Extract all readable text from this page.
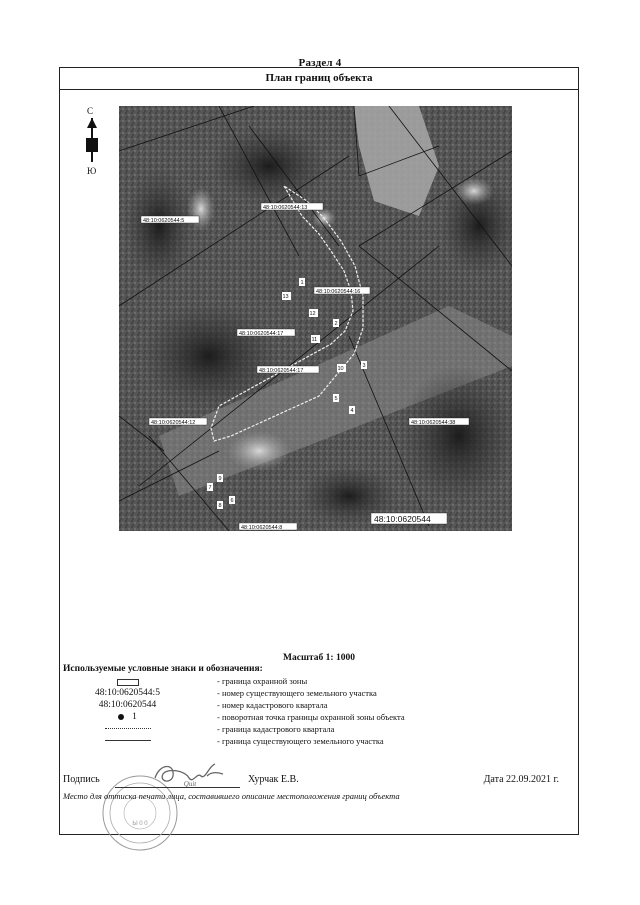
Раздел 4
План границ объекта
С
Ю
48:10:0620544:5
48:10:0620544:13
48:10:0620544:16
48:10:0620544:17
48:10:0620544:17
48:10:0620544:12	48:10:0620544:38
48:10:0620544:8
48:10:0620544
1
2
3
4
5
6
7
8
9
10
11
12
13
Масштаб 1: 1000
Используемые условные знаки и обозначения:
- граница охранной зоны
48:10:0620544:5	- номер существующего земельного участка
48:10:0620544	- номер кадастрового квартала
1	- поворотная точка границы охранной зоны объекта
- граница кадастрового квартала
- граница существующего земельного участка
Ы 0 0
Подпись	Хурчак Е.В.	Дата 22.09.2021 г.
Quit
Место для оттиска печати лица, составившего описание местоположения границ объекта
